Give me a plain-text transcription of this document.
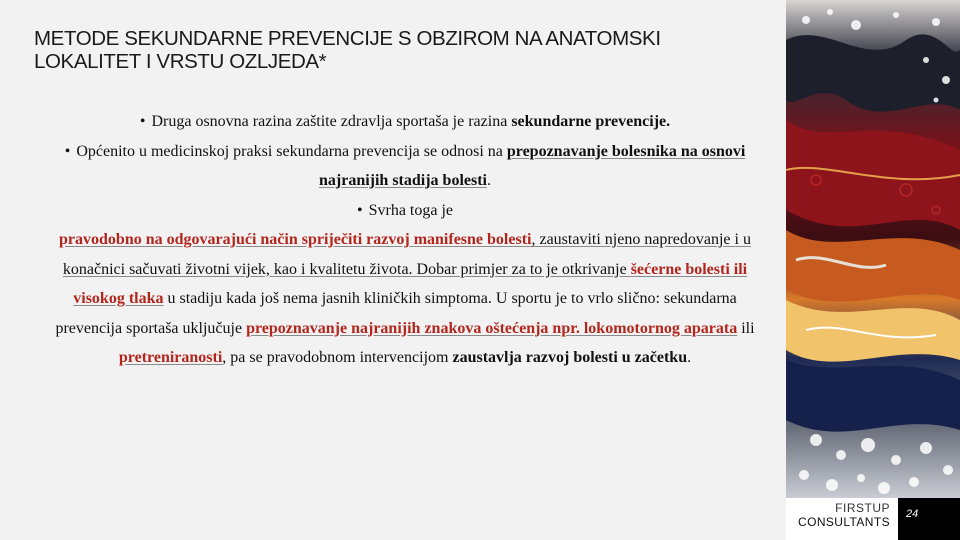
METODE SEKUNDARNE PREVENCIJE S OBZIROM NA ANATOMSKI
LOKALITET I VRSTU OZLJEDA*

• Druga osnovna razina zaštite zdravlja sportaša je razina sekundarne prevencije.

• Općenito u medicinskoj praksi sekundarna prevencija se odnosi na prepoznavanje bolesnika na osnovi najranijih stadija bolesti.

• Svrha toga je
pravodobno na odgovarajući način spriječiti razvoj manifesne bolesti, zaustaviti njeno napredovanje i u konačnici sačuvati životni vijek, kao i kvalitetu života. Dobar primjer za to je otkrivanje šećerne bolesti ili visokog tlaka u stadiju kada još nema jasnih kliničkih simptoma. U sportu je to vrlo slično: sekundarna prevencija sportaša uključuje prepoznavanje najranijih znakova oštećenja npr. lokomotornog aparata ili pretreniranosti, pa se pravodobnom intervencijom zaustavlja razvoj bolesti u začetku.

FIRSTUP
CONSULTANTS
24
